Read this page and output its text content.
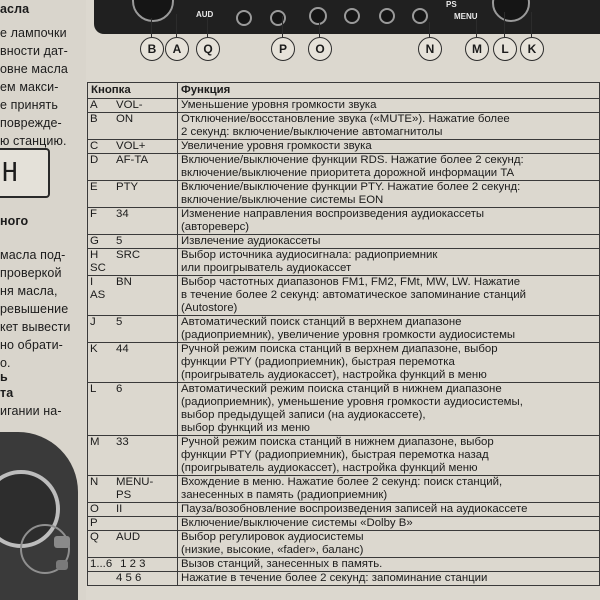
асла
е лампочки
вности дат-
овне масла
ем макси-
е принять
повреждe-
ю станцию.
ного
масла под-
проверкой
ня масла,
ревышение
кет вывести
но обрати-
о.
ь
та
игании на-
Н
AUD
PS
MENU
B	A	Q	P	O	N	M	L	K
Кнопка	Функция

A VOL-	Уменьшение уровня громкости звука

B ON	Отключение/восстановление звука («MUTE»). Нажатие более
2 секунд: включение/выключение автомагнитолы

C VOL+	Увеличение уровня громкости звука

D AF-TA	Включение/выключение функции RDS. Нажатие более 2 секунд:
включение/выключение приоритета дорожной информации TA

E PTY	Включение/выключение функции PTY. Нажатие более 2 секунд:
включение/выключение системы EON

F 34	Изменение направления воспроизведения аудиокассеты
(автореверс)

G 5	Извлечение аудиокассеты

H SRC
SC	Выбор источника аудиосигнала: радиоприемник
или проигрыватель аудиокассет

I BN
AS	Выбор частотных диапазонов FM1, FM2, FMt, MW, LW. Нажатие
в течение более 2 секунд: автоматическое запоминание станций
(Autostore)

J 5	Автоматический поиск станций в верхнем диапазоне
(радиоприемник), увеличение уровня громкости аудиосистемы

K 44	Ручной режим поиска станций в верхнем диапазоне, выбор
функции PTY (радиоприемник), быстрая перемотка
(проигрыватель аудиокассет), настройка функций в меню

L 6	Автоматический режим поиска станций в нижнем диапазоне
(радиоприемник), уменьшение уровня громкости аудиосистемы,
выбор предыдущей записи (на аудиокассете),
выбор функций из меню

M 33	Ручной режим поиска станций в нижнем диапазоне, выбор
функции PTY (радиоприемник), быстрая перемотка назад
(проигрыватель аудиокассет), настройка функций меню

N MENU-
PS	Вхождение в меню. Нажатие более 2 секунд: поиск станций,
занесенных в память (радиоприемник)

O II	Пауза/возобновление воспроизведения записей на аудиокассете

P	Включение/выключение системы «Dolby B»

Q AUD	Выбор регулировок аудиосистемы
(низкие, высокие, «fader», баланс)

1...6 1 2 3	Вызов станций, занесенных в память.

4 5 6	Нажатие в течение более 2 секунд: запоминание станции
